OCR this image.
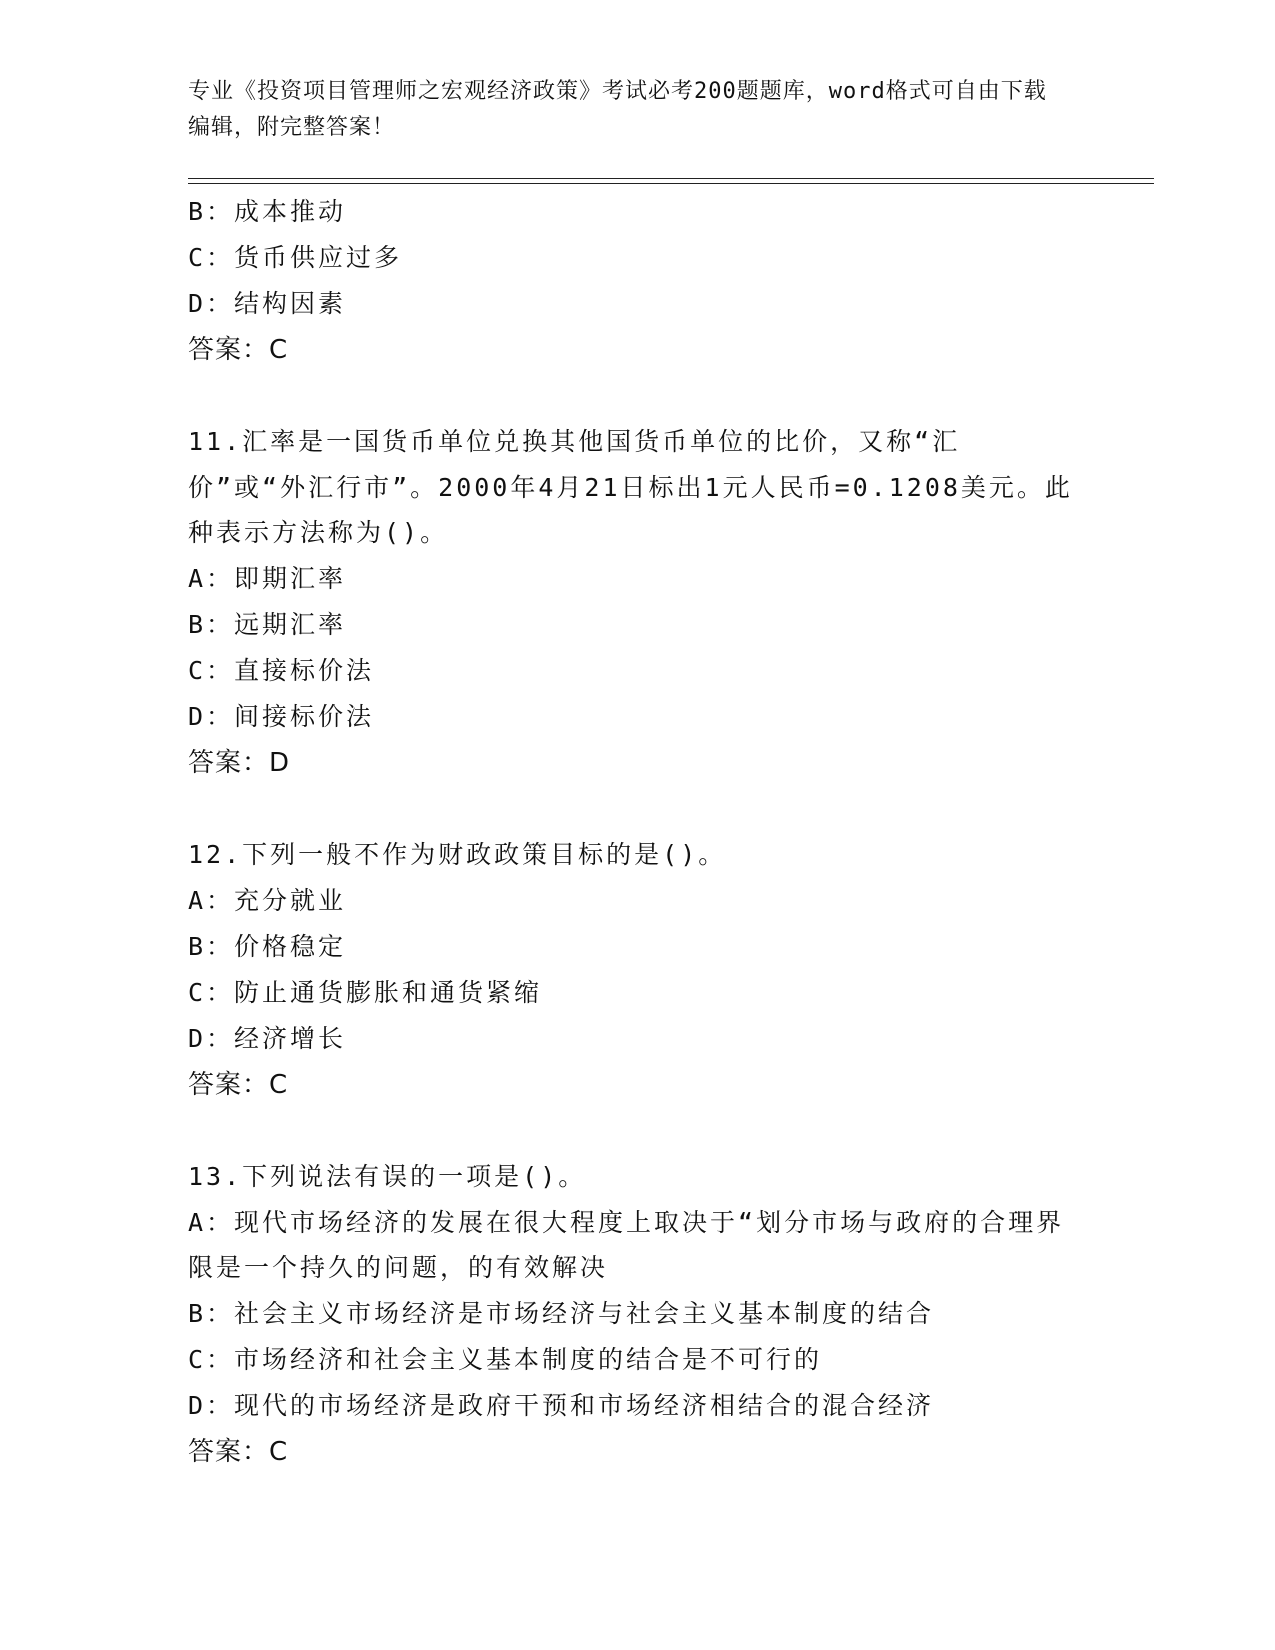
专业《投资项目管理师之宏观经济政策》考试必考200题题库，word格式可自由下载编辑，附完整答案！
B：成本推动
C：货币供应过多
D：结构因素
答案：C
11.汇率是一国货币单位兑换其他国货币单位的比价，又称“汇价”或“外汇行市”。2000年4月21日标出1元人民币=0.1208美元。此种表示方法称为()。
A：即期汇率
B：远期汇率
C：直接标价法
D：间接标价法
答案：D
12.下列一般不作为财政政策目标的是()。
A：充分就业
B：价格稳定
C：防止通货膨胀和通货紧缩
D：经济增长
答案：C
13.下列说法有误的一项是()。
A：现代市场经济的发展在很大程度上取决于“划分市场与政府的合理界限是一个持久的问题，的有效解决
B：社会主义市场经济是市场经济与社会主义基本制度的结合
C：市场经济和社会主义基本制度的结合是不可行的
D：现代的市场经济是政府干预和市场经济相结合的混合经济
答案：C
